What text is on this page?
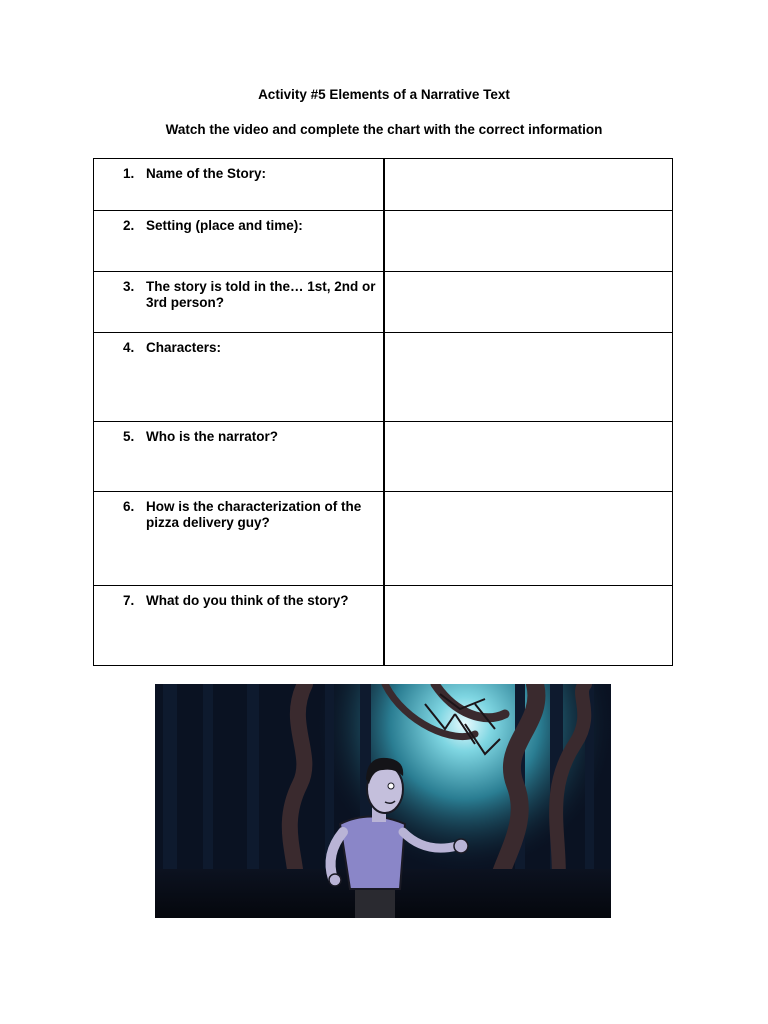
Activity #5 Elements of a Narrative Text
Watch the video and complete the chart with the correct information
1. Name of the Story:	

2. Setting (place and time):	

3. The story is told in the… 1st, 2nd or 3rd person?	

4. Characters:	

5. Who is the narrator?	

6. How is the characterization of the pizza delivery guy?	

7. What do you think of the story?	
